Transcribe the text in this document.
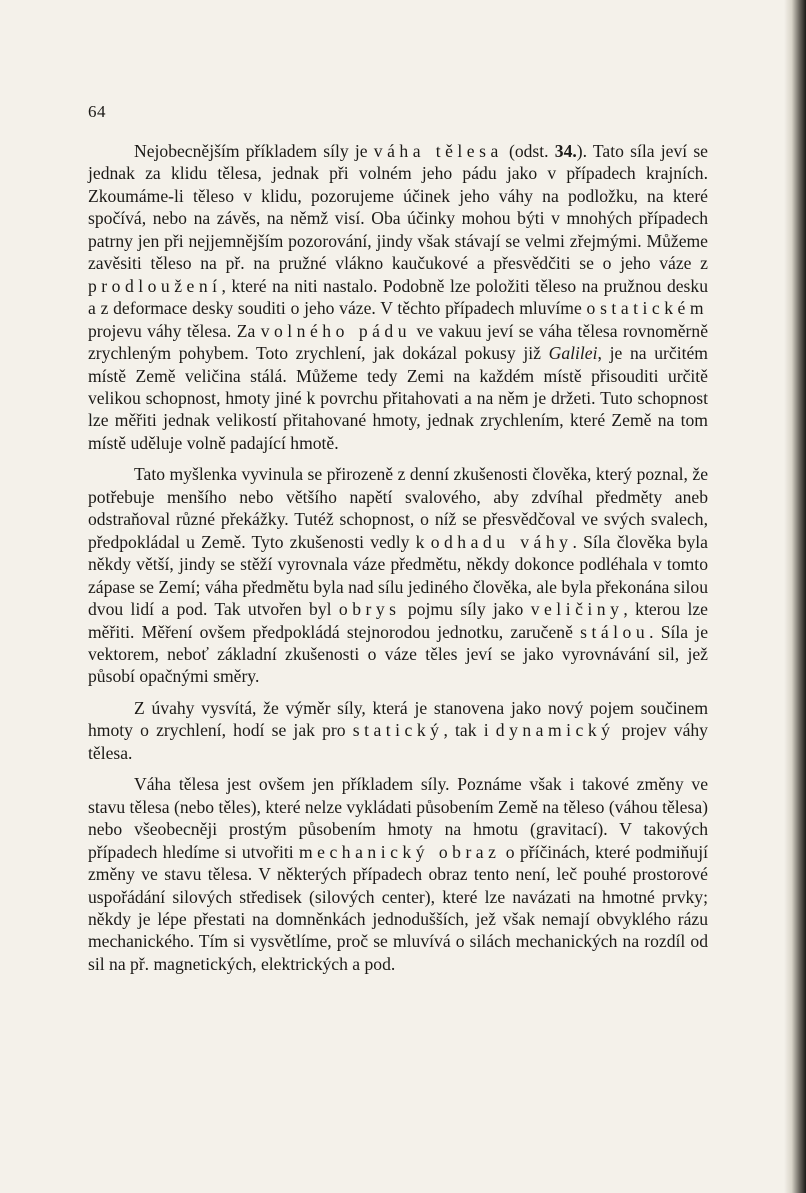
64

Nejobecnějším příkladem síly je váha tělesa (odst. 34.). Tato síla jeví se jednak za klidu tělesa, jednak při volném jeho pádu jako v případech krajních. Zkoumáme-li těleso v klidu, pozorujeme účinek jeho váhy na podložku, na které spočívá, nebo na závěs, na němž visí. Oba účinky mohou býti v mnohých případech patrny jen při nejjemnějším pozorování, jindy však stávají se velmi zřejmými. Můžeme zavěsiti těleso na př. na pružné vlákno kaučukové a přesvědčiti se o jeho váze z prodloužení, které na niti nastalo. Podobně lze položiti těleso na pružnou desku a z deformace desky souditi o jeho váze. V těchto případech mluvíme o statickém projevu váhy tělesa. Za volného pádu ve vakuu jeví se váha tělesa rovnoměrně zrychleným pohybem. Toto zrychlení, jak dokázal pokusy již Galilei, je na určitém místě Země veličina stálá. Můžeme tedy Zemi na každém místě přisouditi určitě velikou schopnost, hmoty jiné k povrchu přitahovati a na něm je držeti. Tuto schopnost lze měřiti jednak velikostí přitahované hmoty, jednak zrychlením, které Země na tom místě uděluje volně padající hmotě.

Tato myšlenka vyvinula se přirozeně z denní zkušenosti člověka, který poznal, že potřebuje menšího nebo většího napětí svalového, aby zdvíhal předměty aneb odstraňoval různé překážky. Tutéž schopnost, o níž se přesvědčoval ve svých svalech, předpokládal u Země. Tyto zkušenosti vedly k odhadu váhy. Síla člověka byla někdy větší, jindy se stěží vyrovnala váze předmětu, někdy dokonce podléhala v tomto zápase se Zemí; váha předmětu byla nad sílu jediného člověka, ale byla překonána silou dvou lidí a pod. Tak utvořen byl obrys pojmu síly jako veličiny, kterou lze měřiti. Měření ovšem předpokládá stejnorodou jednotku, zaručeně stálou. Síla je vektorem, neboť základní zkušenosti o váze těles jeví se jako vyrovnávání sil, jež působí opačnými směry.

Z úvahy vysvítá, že výměr síly, která je stanovena jako nový pojem součinem hmoty o zrychlení, hodí se jak pro statický, tak i dynamický projev váhy tělesa.

Váha tělesa jest ovšem jen příkladem síly. Poznáme však i takové změny ve stavu tělesa (nebo těles), které nelze vykládati působením Země na těleso (váhou tělesa) nebo všeobecněji prostým působením hmoty na hmotu (gravitací). V takových případech hledíme si utvořiti mechanický obraz o příčinách, které podmiňují změny ve stavu tělesa. V některých případech obraz tento není, leč pouhé prostorové uspořádání silových středisek (silových center), které lze navázati na hmotné prvky; někdy je lépe přestati na domněnkách jednodušších, jež však nemají obvyklého rázu mechanického. Tím si vysvětlíme, proč se mluvívá o silách mechanických na rozdíl od sil na př. magnetických, elektrických a pod.
